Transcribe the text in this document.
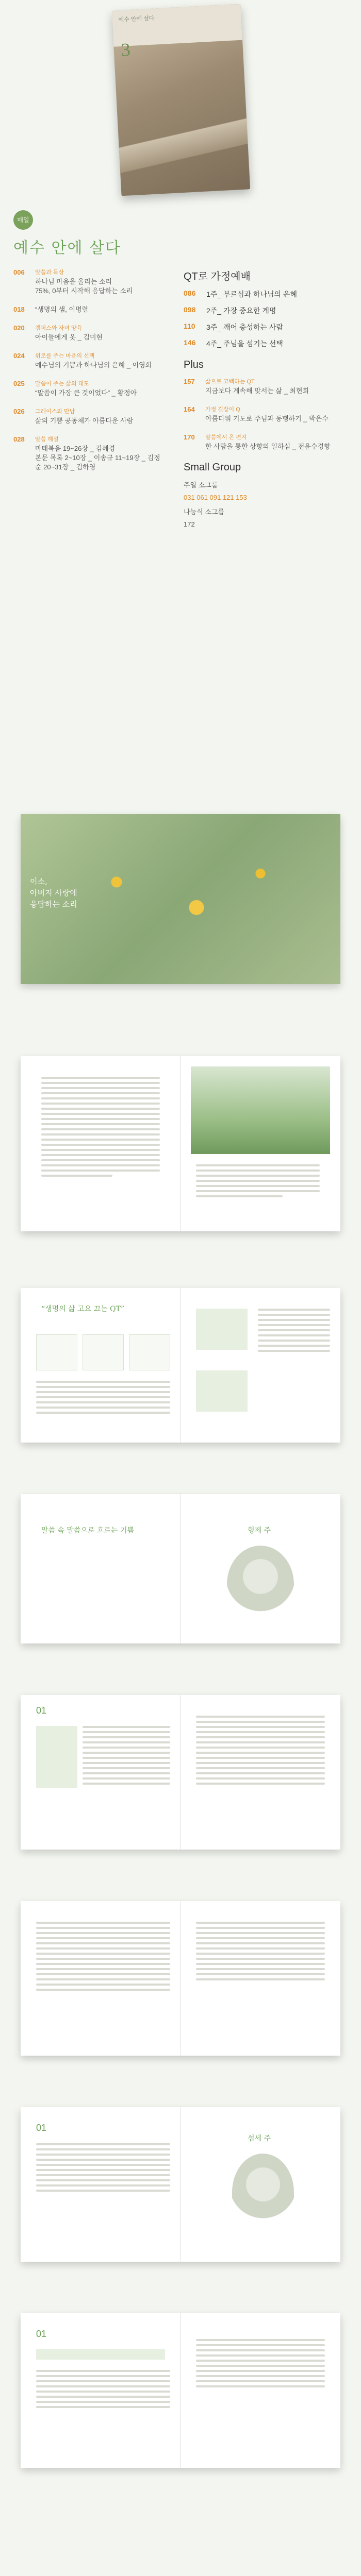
예수 안에 살다
3
매일
예수 안에 살다
006	말씀과 묵상
하나님 마음을 울리는 소리
75%, 0부터 시작해 응답하는 소리
018	“생명의 샘, 이명렬
020	캠퍼스와 자녀 양육
아이들에게 옷 _ 김미현
024	위로를 주는 마음의 선택
예수님의 기쁨과 하나님의 은혜 _ 이영희
025	말씀이 주는 삶의 태도
“말씀이 가장 큰 것이었다” _ 황정아
026	그레이스와 만남
삶의 기쁨 공동체가 아름다운 사람
028	말씀 해설
마태복음 19~26장 _ 김혜경
본문 목록 2~10장 _ 이송규 11~19장 _ 김정순 20~31장 _ 김하영
QT로 가정예배
086	1주_ 부르심과 하나님의 은혜
098	2주_ 가장 중요한 계명
110	3주_ 깨어 충성하는 사람
146	4주_ 주님을 섬기는 선택
Plus
157	삶으로 고백하는 QT
지금보다 계속해 맞서는 삶 _ 최현희
164	가정 길잡이 Q
아름다워 기도로 주님과 동행하기 _ 박은수
170	말씀에서 온 편지
한 사람을 통한 상향의 일하심 _ 전윤수경향
Small Group
주일 소그룹
031 061 091 121 153
나눔식 소그룹
172
이소,
아버지 사랑에
응답하는 소리
“생명의 삶 고요 끄는 QT”
말씀 속 말씀으로 흐르는 기쁨	형제 주
01
01
섬세 주
01
